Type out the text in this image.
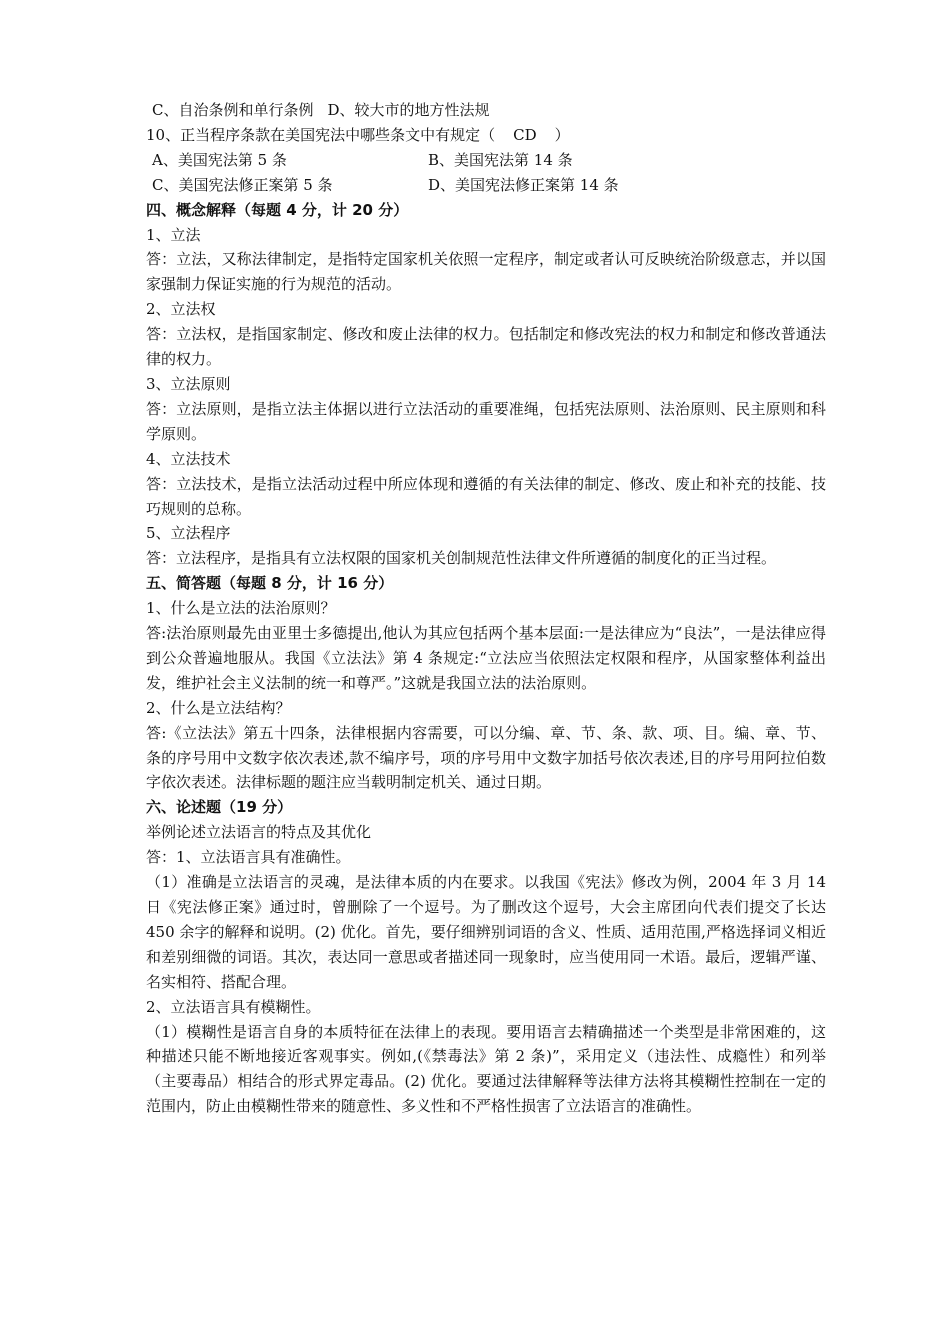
C、自治条例和单行条例 D、较大市的地方性法规
10、正当程序条款在美国宪法中哪些条文中有规定（ CD ）
A、美国宪法第 5 条	B、美国宪法第 14 条
C、美国宪法修正案第 5 条	D、美国宪法修正案第 14 条
四、概念解释（每题 4 分，计 20 分）
1、立法
答：立法，又称法律制定，是指特定国家机关依照一定程序，制定或者认可反映统治阶级意志，并以国家强制力保证实施的行为规范的活动。
2、立法权
答：立法权，是指国家制定、修改和废止法律的权力。包括制定和修改宪法的权力和制定和修改普通法律的权力。
3、立法原则
答：立法原则，是指立法主体据以进行立法活动的重要准绳，包括宪法原则、法治原则、民主原则和科学原则。
4、立法技术
答：立法技术，是指立法活动过程中所应体现和遵循的有关法律的制定、修改、废止和补充的技能、技巧规则的总称。
5、立法程序
答：立法程序，是指具有立法权限的国家机关创制规范性法律文件所遵循的制度化的正当过程。
五、简答题（每题 8 分，计 16 分）
1、什么是立法的法治原则？
答:法治原则最先由亚里士多德提出,他认为其应包括两个基本层面:一是法律应为“良法”，一是法律应得到公众普遍地服从。我国《立法法》第 4 条规定:“立法应当依照法定权限和程序，从国家整体利益出发，维护社会主义法制的统一和尊严。”这就是我国立法的法治原则。
2、什么是立法结构？
答:《立法法》第五十四条，法律根据内容需要，可以分编、章、节、条、款、项、目。编、章、节、条的序号用中文数字依次表述,款不编序号，项的序号用中文数字加括号依次表述,目的序号用阿拉伯数字依次表述。法律标题的题注应当载明制定机关、通过日期。
六、论述题（19 分）
举例论述立法语言的特点及其优化
答：1、立法语言具有准确性。
（1）准确是立法语言的灵魂，是法律本质的内在要求。以我国《宪法》修改为例，2004 年 3 月 14 日《宪法修正案》通过时，曾删除了一个逗号。为了删改这个逗号，大会主席团向代表们提交了长达 450 余字的解释和说明。(2) 优化。首先，要仔细辨别词语的含义、性质、适用范围,严格选择词义相近和差别细微的词语。其次，表达同一意思或者描述同一现象时，应当使用同一术语。最后，逻辑严谨、名实相符、搭配合理。
2、立法语言具有模糊性。
（1）模糊性是语言自身的本质特征在法律上的表现。要用语言去精确描述一个类型是非常困难的，这种描述只能不断地接近客观事实。例如,(《禁毒法》第 2 条)”，采用定义（违法性、成瘾性）和列举（主要毒品）相结合的形式界定毒品。(2) 优化。要通过法律解释等法律方法将其模糊性控制在一定的范围内，防止由模糊性带来的随意性、多义性和不严格性损害了立法语言的准确性。
